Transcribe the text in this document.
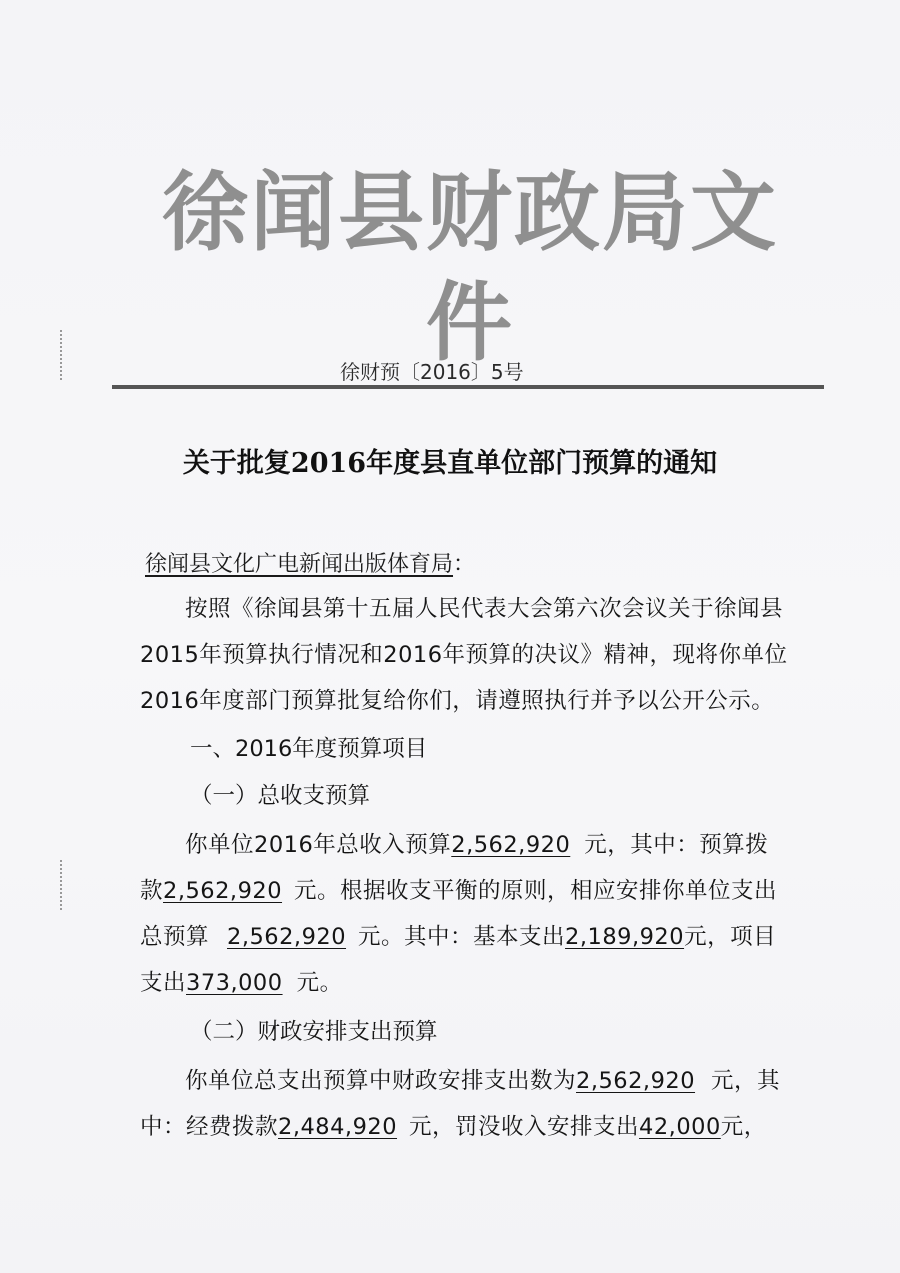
徐闻县财政局文件
徐财预〔2016〕5号
关于批复2016年度县直单位部门预算的通知
徐闻县文化广电新闻出版体育局：
按照《徐闻县第十五届人民代表大会第六次会议关于徐闻县
2015年预算执行情况和2016年预算的决议》精神，现将你单位
2016年度部门预算批复给你们，请遵照执行并予以公开公示。
一、2016年度预算项目
（一）总收支预算
你单位2016年总收入预算2,562,920 元，其中：预算拨
款2,562,920 元。根据收支平衡的原则，相应安排你单位支出
总预算 2,562,920 元。其中：基本支出2,189,920元，项目
支出373,000 元。
（二）财政安排支出预算
你单位总支出预算中财政安排支出数为2,562,920 元，其
中：经费拨款2,484,920 元，罚没收入安排支出42,000元，
